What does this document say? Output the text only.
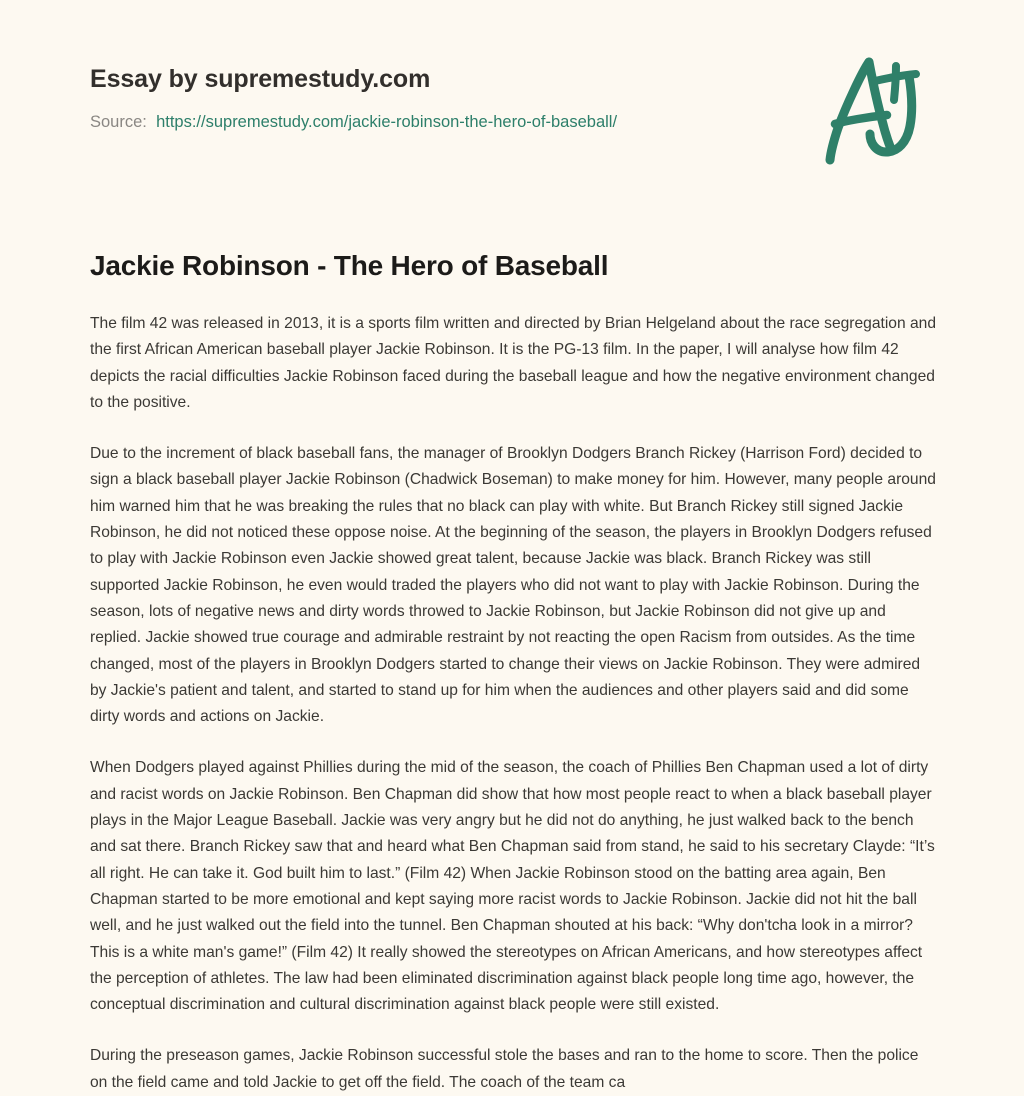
Essay by supremestudy.com
Source: https://supremestudy.com/jackie-robinson-the-hero-of-baseball/
Jackie Robinson - The Hero of Baseball

The film 42 was released in 2013, it is a sports film written and directed by Brian Helgeland about the race segregation and the first African American baseball player Jackie Robinson. It is the PG-13 film. In the paper, I will analyse how film 42 depicts the racial difficulties Jackie Robinson faced during the baseball league and how the negative environment changed to the positive.

Due to the increment of black baseball fans, the manager of Brooklyn Dodgers Branch Rickey (Harrison Ford) decided to sign a black baseball player Jackie Robinson (Chadwick Boseman) to make money for him. However, many people around him warned him that he was breaking the rules that no black can play with white. But Branch Rickey still signed Jackie Robinson, he did not noticed these oppose noise. At the beginning of the season, the players in Brooklyn Dodgers refused to play with Jackie Robinson even Jackie showed great talent, because Jackie was black. Branch Rickey was still supported Jackie Robinson, he even would traded the players who did not want to play with Jackie Robinson. During the season, lots of negative news and dirty words throwed to Jackie Robinson, but Jackie Robinson did not give up and replied. Jackie showed true courage and admirable restraint by not reacting the open Racism from outsides. As the time changed, most of the players in Brooklyn Dodgers started to change their views on Jackie Robinson. They were admired by Jackie's patient and talent, and started to stand up for him when the audiences and other players said and did some dirty words and actions on Jackie.

When Dodgers played against Phillies during the mid of the season, the coach of Phillies Ben Chapman used a lot of dirty and racist words on Jackie Robinson. Ben Chapman did show that how most people react to when a black baseball player plays in the Major League Baseball. Jackie was very angry but he did not do anything, he just walked back to the bench and sat there. Branch Rickey saw that and heard what Ben Chapman said from stand, he said to his secretary Clayde: “It’s all right. He can take it. God built him to last.” (Film 42) When Jackie Robinson stood on the batting area again, Ben Chapman started to be more emotional and kept saying more racist words to Jackie Robinson. Jackie did not hit the ball well, and he just walked out the field into the tunnel. Ben Chapman shouted at his back: “Why don'tcha look in a mirror? This is a white man's game!” (Film 42) It really showed the stereotypes on African Americans, and how stereotypes affect the perception of athletes. The law had been eliminated discrimination against black people long time ago, however, the conceptual discrimination and cultural discrimination against black people were still existed.

During the preseason games, Jackie Robinson successful stole the bases and ran to the home to score. Then the police on the field came and told Jackie to get off the field. The coach of the team ca
